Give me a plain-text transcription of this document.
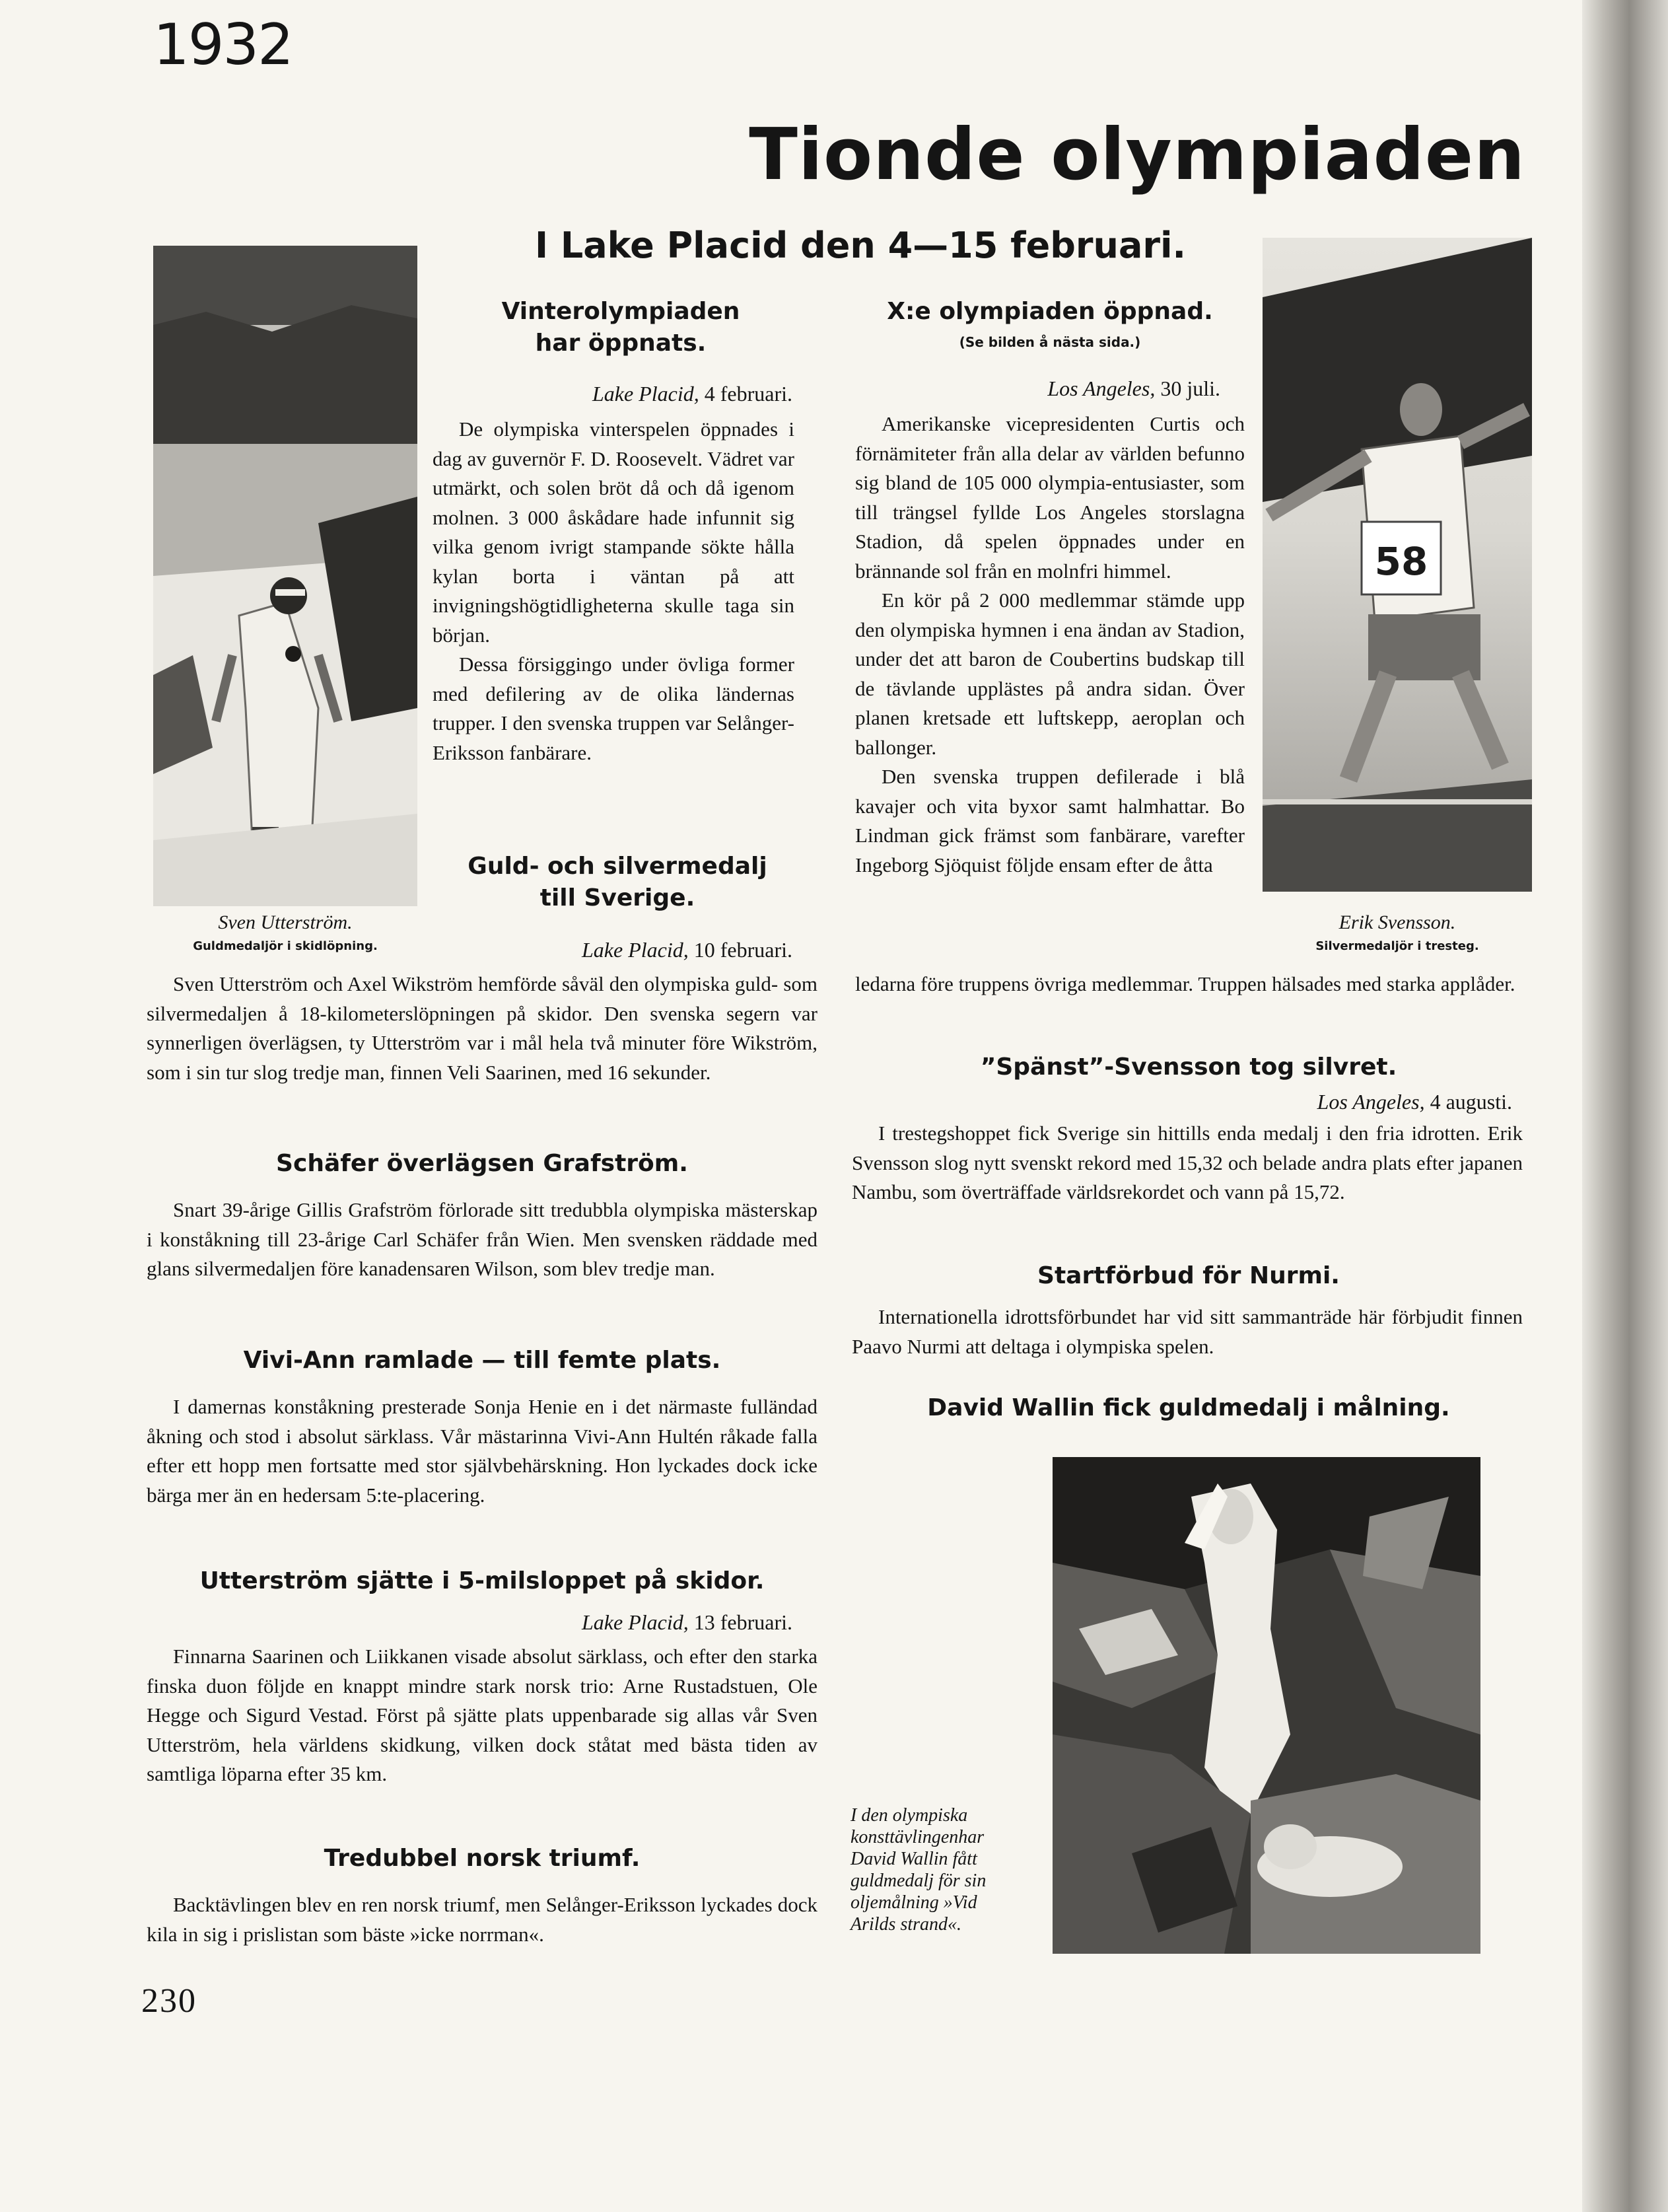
1932
Tionde olympiaden
I Lake Placid den 4—15 februari.
Sven Utterström.
Guldmedaljör i skidlöpning.
Vinterolympiaden
har öppnats.
Lake Placid, 4 februari.

De olympiska vinterspelen öppnades i dag av guvernör F. D. Roosevelt. Vädret var utmärkt, och solen bröt då och då igenom molnen. 3 000 åskådare hade infunnit sig vilka genom ivrigt stampande sökte hålla kylan borta i väntan på att invigningshögtidligheterna skulle taga sin början.

Dessa försiggingo under övliga former med defilering av de olika ländernas trupper. I den svenska truppen var Selånger-Eriksson fanbärare.

Guld- och silvermedalj
till Sverige.
Lake Placid, 10 februari.

Sven Utterström och Axel Wikström hemförde såväl den olympiska guld- som silvermedaljen å 18-kilometerslöpningen på skidor. Den svenska segern var synnerligen överlägsen, ty Utterström var i mål hela två minuter före Wikström, som i sin tur slog tredje man, finnen Veli Saarinen, med 16 sekunder.

Schäfer överlägsen Grafström.

Snart 39-årige Gillis Grafström förlorade sitt tredubbla olympiska mästerskap i konståkning till 23-årige Carl Schäfer från Wien. Men svensken räddade med glans silvermedaljen före kanadensaren Wilson, som blev tredje man.

Vivi-Ann ramlade — till femte plats.

I damernas konståkning presterade Sonja Henie en i det närmaste fulländad åkning och stod i absolut särklass. Vår mästarinna Vivi-Ann Hultén råkade falla efter ett hopp men fortsatte med stor självbehärskning. Hon lyckades dock icke bärga mer än en hedersam 5:te-placering.

Utterström sjätte i 5-milsloppet på skidor.
Lake Placid, 13 februari.

Finnarna Saarinen och Liikkanen visade absolut särklass, och efter den starka finska duon följde en knappt mindre stark norsk trio: Arne Rustadstuen, Ole Hegge och Sigurd Vestad. Först på sjätte plats uppenbarade sig allas vår Sven Utterström, hela världens skidkung, vilken dock ståtat med bästa tiden av samtliga löparna efter 35 km.

Tredubbel norsk triumf.

Backtävlingen blev en ren norsk triumf, men Selånger-Eriksson lyckades dock kila in sig i prislistan som bäste »icke norrman«.

X:e olympiaden öppnad.
(Se bilden å nästa sida.)
Los Angeles, 30 juli.

Amerikanske vicepresidenten Curtis och förnämiteter från alla delar av världen befunno sig bland de 105 000 olympia-entusiaster, som till trängsel fyllde Los Angeles storslagna Stadion, då spelen öppnades under en brännande sol från en molnfri himmel.

En kör på 2 000 medlemmar stämde upp den olympiska hymnen i ena ändan av Stadion, under det att baron de Coubertins budskap till de tävlande upplästes på andra sidan. Över planen kretsade ett luftskepp, aeroplan och ballonger.

Den svenska truppen defilerade i blå kavajer och vita byxor samt halmhattar. Bo Lindman gick främst som fanbärare, varefter Ingeborg Sjöquist följde ensam efter de åtta

ledarna före truppens övriga medlemmar. Truppen hälsades med starka applåder.

58
Erik Svensson.
Silvermedaljör i tresteg.
”Spänst”-Svensson tog silvret.
Los Angeles, 4 augusti.

I trestegshoppet fick Sverige sin hittills enda medalj i den fria idrotten. Erik Svensson slog nytt svenskt rekord med 15,32 och belade andra plats efter japanen Nambu, som överträffade världsrekordet och vann på 15,72.

Startförbud för Nurmi.

Internationella idrottsförbundet har vid sitt sammanträde här förbjudit finnen Paavo Nurmi att deltaga i olympiska spelen.

David Wallin fick guldmedalj i målning.
I den olympiska
konsttävlingenhar
David Wallin fått
guldmedalj för sin
oljemålning »Vid
Arilds strand«.
230
